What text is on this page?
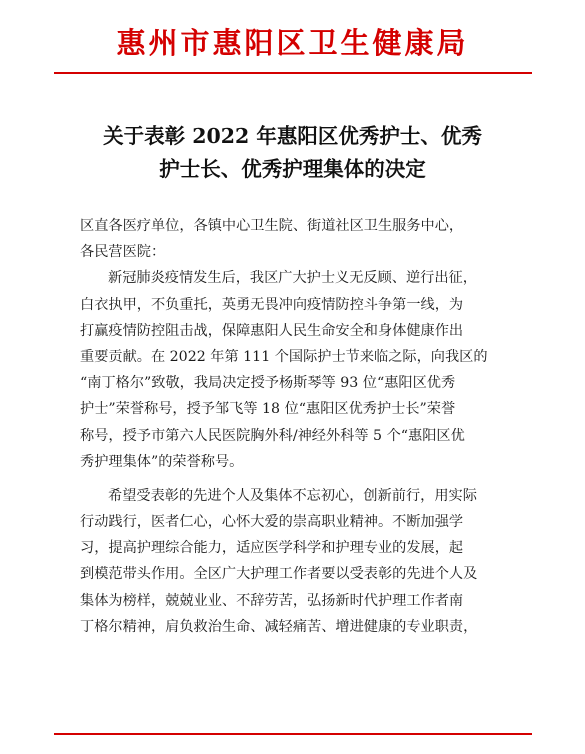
惠州市惠阳区卫生健康局
关于表彰 2022 年惠阳区优秀护士、优秀
护士长、优秀护理集体的决定
区直各医疗单位，各镇中心卫生院、街道社区卫生服务中心，
各民营医院：
新冠肺炎疫情发生后，我区广大护士义无反顾、逆行出征，
白衣执甲，不负重托，英勇无畏冲向疫情防控斗争第一线，为
打赢疫情防控阻击战，保障惠阳人民生命安全和身体健康作出
重要贡献。在 2022 年第 111 个国际护士节来临之际，向我区的
“南丁格尔”致敬，我局决定授予杨斯琴等 93 位“惠阳区优秀
护士”荣誉称号，授予邹飞等 18 位“惠阳区优秀护士长”荣誉
称号，授予市第六人民医院胸外科/神经外科等 5 个“惠阳区优
秀护理集体”的荣誉称号。
希望受表彰的先进个人及集体不忘初心，创新前行，用实际
行动践行，医者仁心，心怀大爱的崇高职业精神。不断加强学
习，提高护理综合能力，适应医学科学和护理专业的发展，起
到模范带头作用。全区广大护理工作者要以受表彰的先进个人及
集体为榜样，兢兢业业、不辞劳苦，弘扬新时代护理工作者南
丁格尔精神，肩负救治生命、减轻痛苦、增进健康的专业职责，
